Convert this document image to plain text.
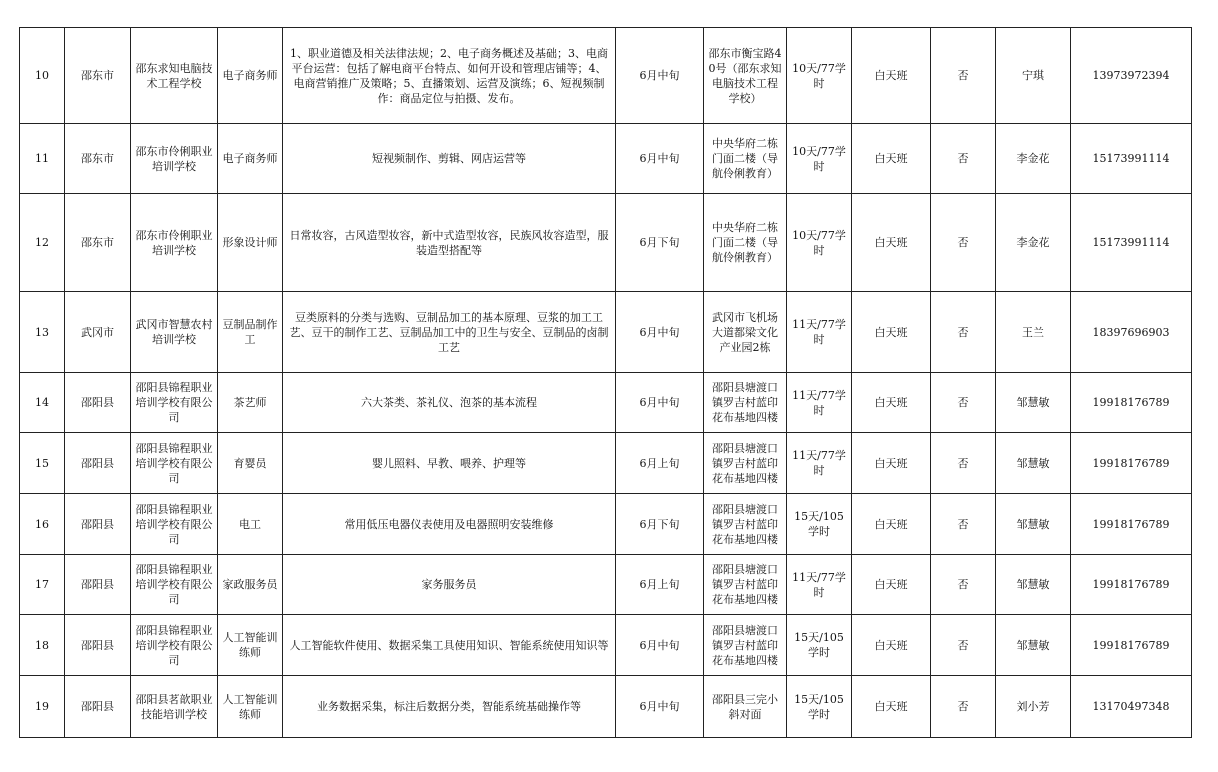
10	邵东市	邵东求知电脑技术工程学校	电子商务师	1、职业道德及相关法律法规；2、电子商务概述及基础；3、电商平台运营：包括了解电商平台特点、如何开设和管理店铺等；4、电商营销推广及策略；5、直播策划、运营及演练；6、短视频制作：商品定位与拍摄、发布。	6月中旬	邵东市衡宝路40号（邵东求知电脑技术工程学校）	10天/77学时	白天班	否	宁琪	13973972394
11	邵东市	邵东市伶俐职业培训学校	电子商务师	短视频制作、剪辑、网店运营等	6月中旬	中央华府二栋门面二楼（导航伶俐教育）	10天/77学时	白天班	否	李金花	15173991114
12	邵东市	邵东市伶俐职业培训学校	形象设计师	日常妆容，古风造型妆容，新中式造型妆容，民族风妆容造型，服装造型搭配等	6月下旬	中央华府二栋门面二楼（导航伶俐教育）	10天/77学时	白天班	否	李金花	15173991114
13	武冈市	武冈市智慧农村培训学校	豆制品制作工	豆类原料的分类与选购、豆制品加工的基本原理、豆浆的加工工艺、豆干的制作工艺、豆制品加工中的卫生与安全、豆制品的卤制工艺	6月中旬	武冈市飞机场大道都梁文化产业园2栋	11天/77学时	白天班	否	王兰	18397696903
14	邵阳县	邵阳县锦程职业培训学校有限公司	茶艺师	六大茶类、茶礼仪、泡茶的基本流程	6月中旬	邵阳县塘渡口镇罗吉村蓝印花布基地四楼	11天/77学时	白天班	否	邹慧敏	19918176789
15	邵阳县	邵阳县锦程职业培训学校有限公司	育婴员	婴儿照料、早教、喂养、护理等	6月上旬	邵阳县塘渡口镇罗吉村蓝印花布基地四楼	11天/77学时	白天班	否	邹慧敏	19918176789
16	邵阳县	邵阳县锦程职业培训学校有限公司	电工	常用低压电器仪表使用及电器照明安装维修	6月下旬	邵阳县塘渡口镇罗吉村蓝印花布基地四楼	15天/105学时	白天班	否	邹慧敏	19918176789
17	邵阳县	邵阳县锦程职业培训学校有限公司	家政服务员	家务服务员	6月上旬	邵阳县塘渡口镇罗吉村蓝印花布基地四楼	11天/77学时	白天班	否	邹慧敏	19918176789
18	邵阳县	邵阳县锦程职业培训学校有限公司	人工智能训练师	人工智能软件使用、数据采集工具使用知识、智能系统使用知识等	6月中旬	邵阳县塘渡口镇罗吉村蓝印花布基地四楼	15天/105学时	白天班	否	邹慧敏	19918176789
19	邵阳县	邵阳县茗歆职业技能培训学校	人工智能训练师	业务数据采集，标注后数据分类，智能系统基础操作等	6月中旬	邵阳县三完小斜对面	15天/105学时	白天班	否	刘小芳	13170497348
